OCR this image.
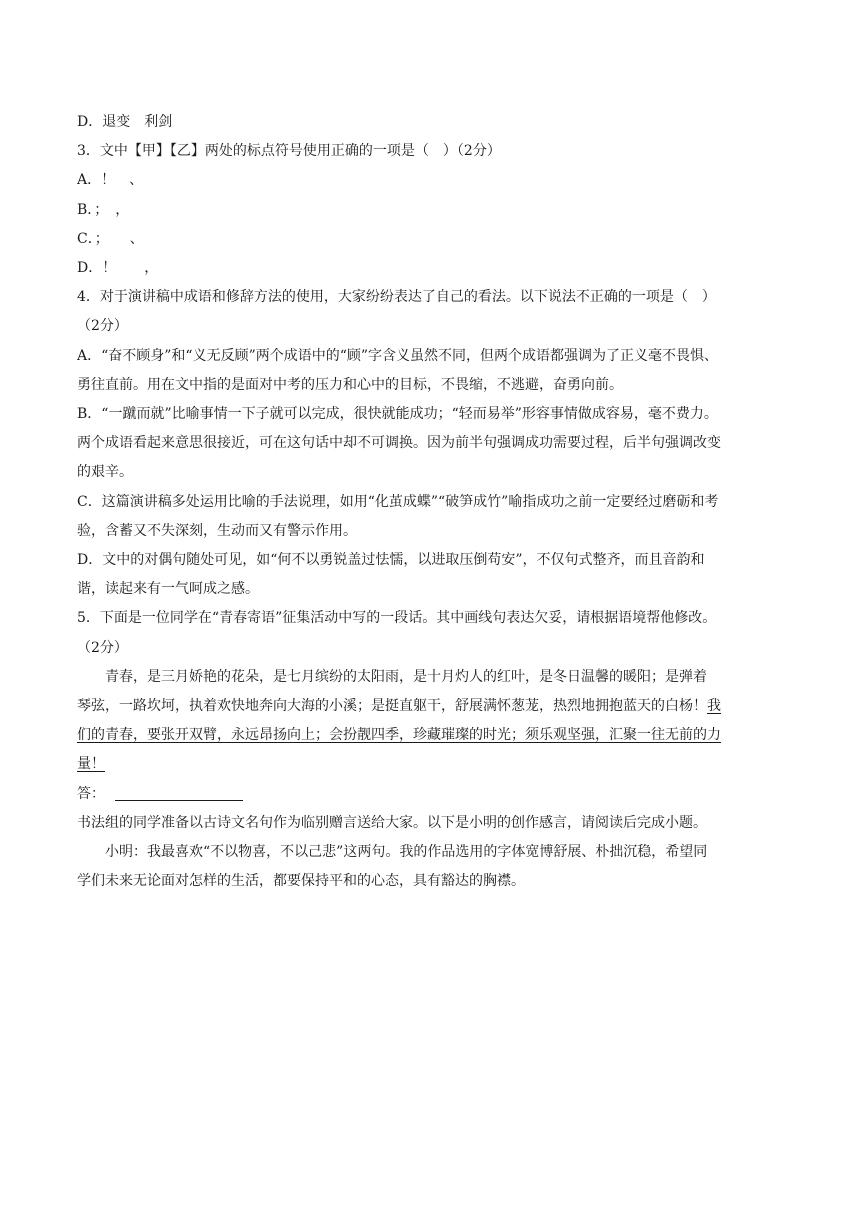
D．退变　利剑
3．文中【甲】【乙】两处的标点符号使用正确的一项是（　）（2分）
A．！　、
B．；　，
C．；　　、
D．！　　，
4．对于演讲稿中成语和修辞方法的使用，大家纷纷表达了自己的看法。以下说法不正确的一项是（　）
（2分）
A．“奋不顾身”和“义无反顾”两个成语中的“顾”字含义虽然不同，但两个成语都强调为了正义毫不畏惧、
勇往直前。用在文中指的是面对中考的压力和心中的目标，不畏缩，不逃避，奋勇向前。
B．“一蹴而就”比喻事情一下子就可以完成，很快就能成功；“轻而易举”形容事情做成容易，毫不费力。
两个成语看起来意思很接近，可在这句话中却不可调换。因为前半句强调成功需要过程，后半句强调改变
的艰辛。
C．这篇演讲稿多处运用比喻的手法说理，如用“化茧成蝶”“破笋成竹”喻指成功之前一定要经过磨砺和考
验，含蓄又不失深刻，生动而又有警示作用。
D．文中的对偶句随处可见，如“何不以勇锐盖过怯懦，以进取压倒苟安”，不仅句式整齐，而且音韵和
谐，读起来有一气呵成之感。
5．下面是一位同学在“青春寄语”征集活动中写的一段话。其中画线句表达欠妥，请根据语境帮他修改。
（2分）
青春，是三月娇艳的花朵，是七月缤纷的太阳雨，是十月灼人的红叶，是冬日温馨的暖阳；是弹着
琴弦，一路坎坷，执着欢快地奔向大海的小溪；是挺直躯干，舒展满怀葱茏，热烈地拥抱蓝天的白杨！我
们的青春，要张开双臂，永远昂扬向上；会扮靓四季，珍藏璀璨的时光；须乐观坚强，汇聚一往无前的力
量！
答：
书法组的同学准备以古诗文名句作为临别赠言送给大家。以下是小明的创作感言，请阅读后完成小题。
小明：我最喜欢“不以物喜，不以己悲”这两句。我的作品选用的字体宽博舒展、朴拙沉稳，希望同
学们未来无论面对怎样的生活，都要保持平和的心态，具有豁达的胸襟。
